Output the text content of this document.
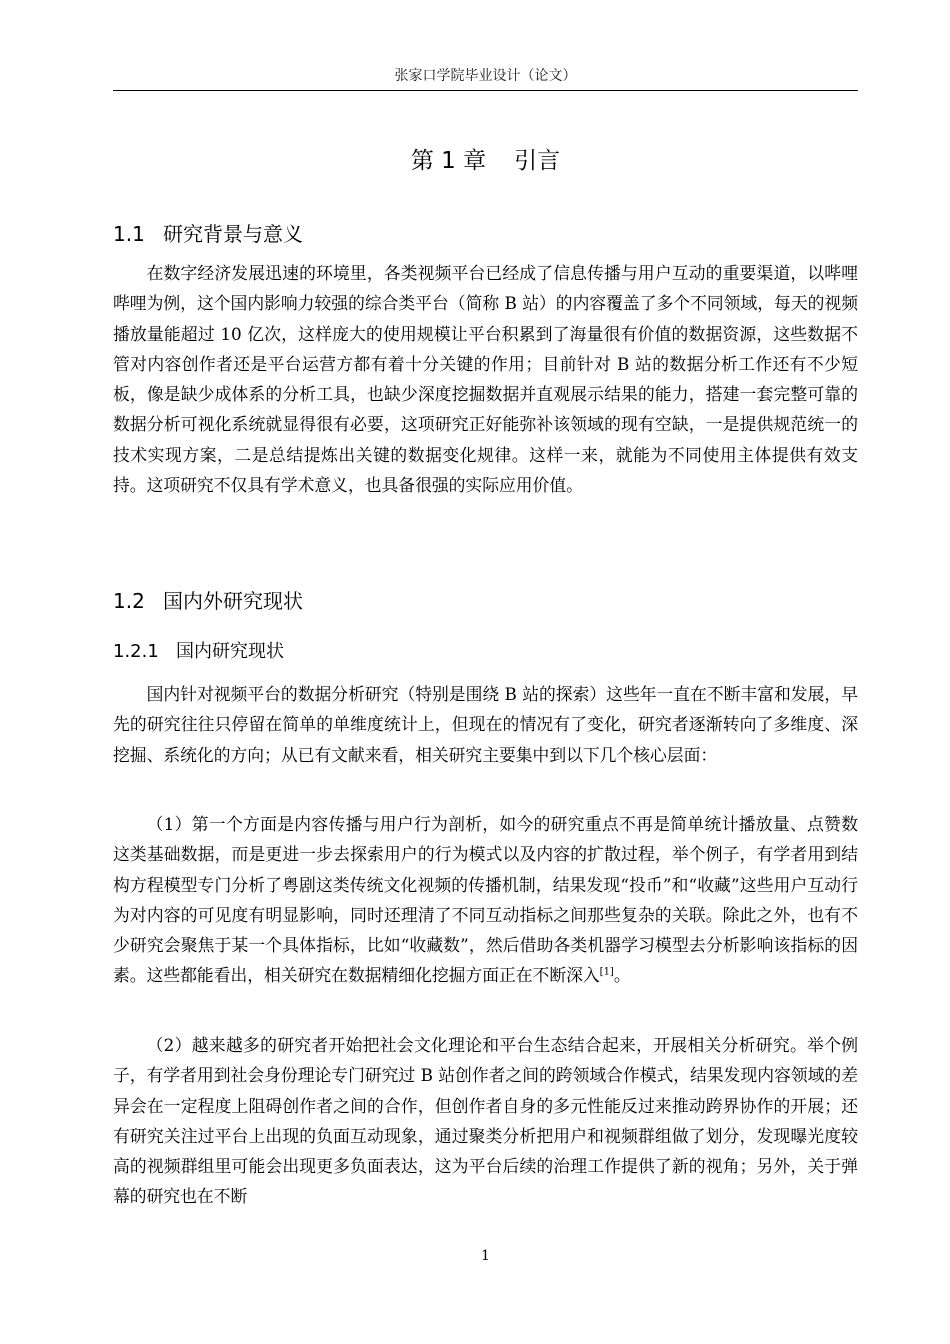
张家口学院毕业设计（论文）
第 1 章 引言
1.1 研究背景与意义

在数字经济发展迅速的环境里，各类视频平台已经成了信息传播与用户互动的重要渠道，以哔哩哔哩为例，这个国内影响力较强的综合类平台（简称 B 站）的内容覆盖了多个不同领域，每天的视频播放量能超过 10 亿次，这样庞大的使用规模让平台积累到了海量很有价值的数据资源，这些数据不管对内容创作者还是平台运营方都有着十分关键的作用；目前针对 B 站的数据分析工作还有不少短板，像是缺少成体系的分析工具，也缺少深度挖掘数据并直观展示结果的能力，搭建一套完整可靠的数据分析可视化系统就显得很有必要，这项研究正好能弥补该领域的现有空缺，一是提供规范统一的技术实现方案，二是总结提炼出关键的数据变化规律。这样一来，就能为不同使用主体提供有效支持。这项研究不仅具有学术意义，也具备很强的实际应用价值。

1.2 国内外研究现状
1.2.1 国内研究现状

国内针对视频平台的数据分析研究（特别是围绕 B 站的探索）这些年一直在不断丰富和发展，早先的研究往往只停留在简单的单维度统计上，但现在的情况有了变化，研究者逐渐转向了多维度、深挖掘、系统化的方向；从已有文献来看，相关研究主要集中到以下几个核心层面：

（1）第一个方面是内容传播与用户行为剖析，如今的研究重点不再是简单统计播放量、点赞数这类基础数据，而是更进一步去探索用户的行为模式以及内容的扩散过程，举个例子，有学者用到结构方程模型专门分析了粤剧这类传统文化视频的传播机制，结果发现“投币”和“收藏”这些用户互动行为对内容的可见度有明显影响，同时还理清了不同互动指标之间那些复杂的关联。除此之外，也有不少研究会聚焦于某一个具体指标，比如“收藏数”，然后借助各类机器学习模型去分析影响该指标的因素。这些都能看出，相关研究在数据精细化挖掘方面正在不断深入[1]。

（2）越来越多的研究者开始把社会文化理论和平台生态结合起来，开展相关分析研究。举个例子，有学者用到社会身份理论专门研究过 B 站创作者之间的跨领域合作模式，结果发现内容领域的差异会在一定程度上阻碍创作者之间的合作，但创作者自身的多元性能反过来推动跨界协作的开展；还有研究关注过平台上出现的负面互动现象，通过聚类分析把用户和视频群组做了划分，发现曝光度较高的视频群组里可能会出现更多负面表达，这为平台后续的治理工作提供了新的视角；另外，关于弹幕的研究也在不断

1
